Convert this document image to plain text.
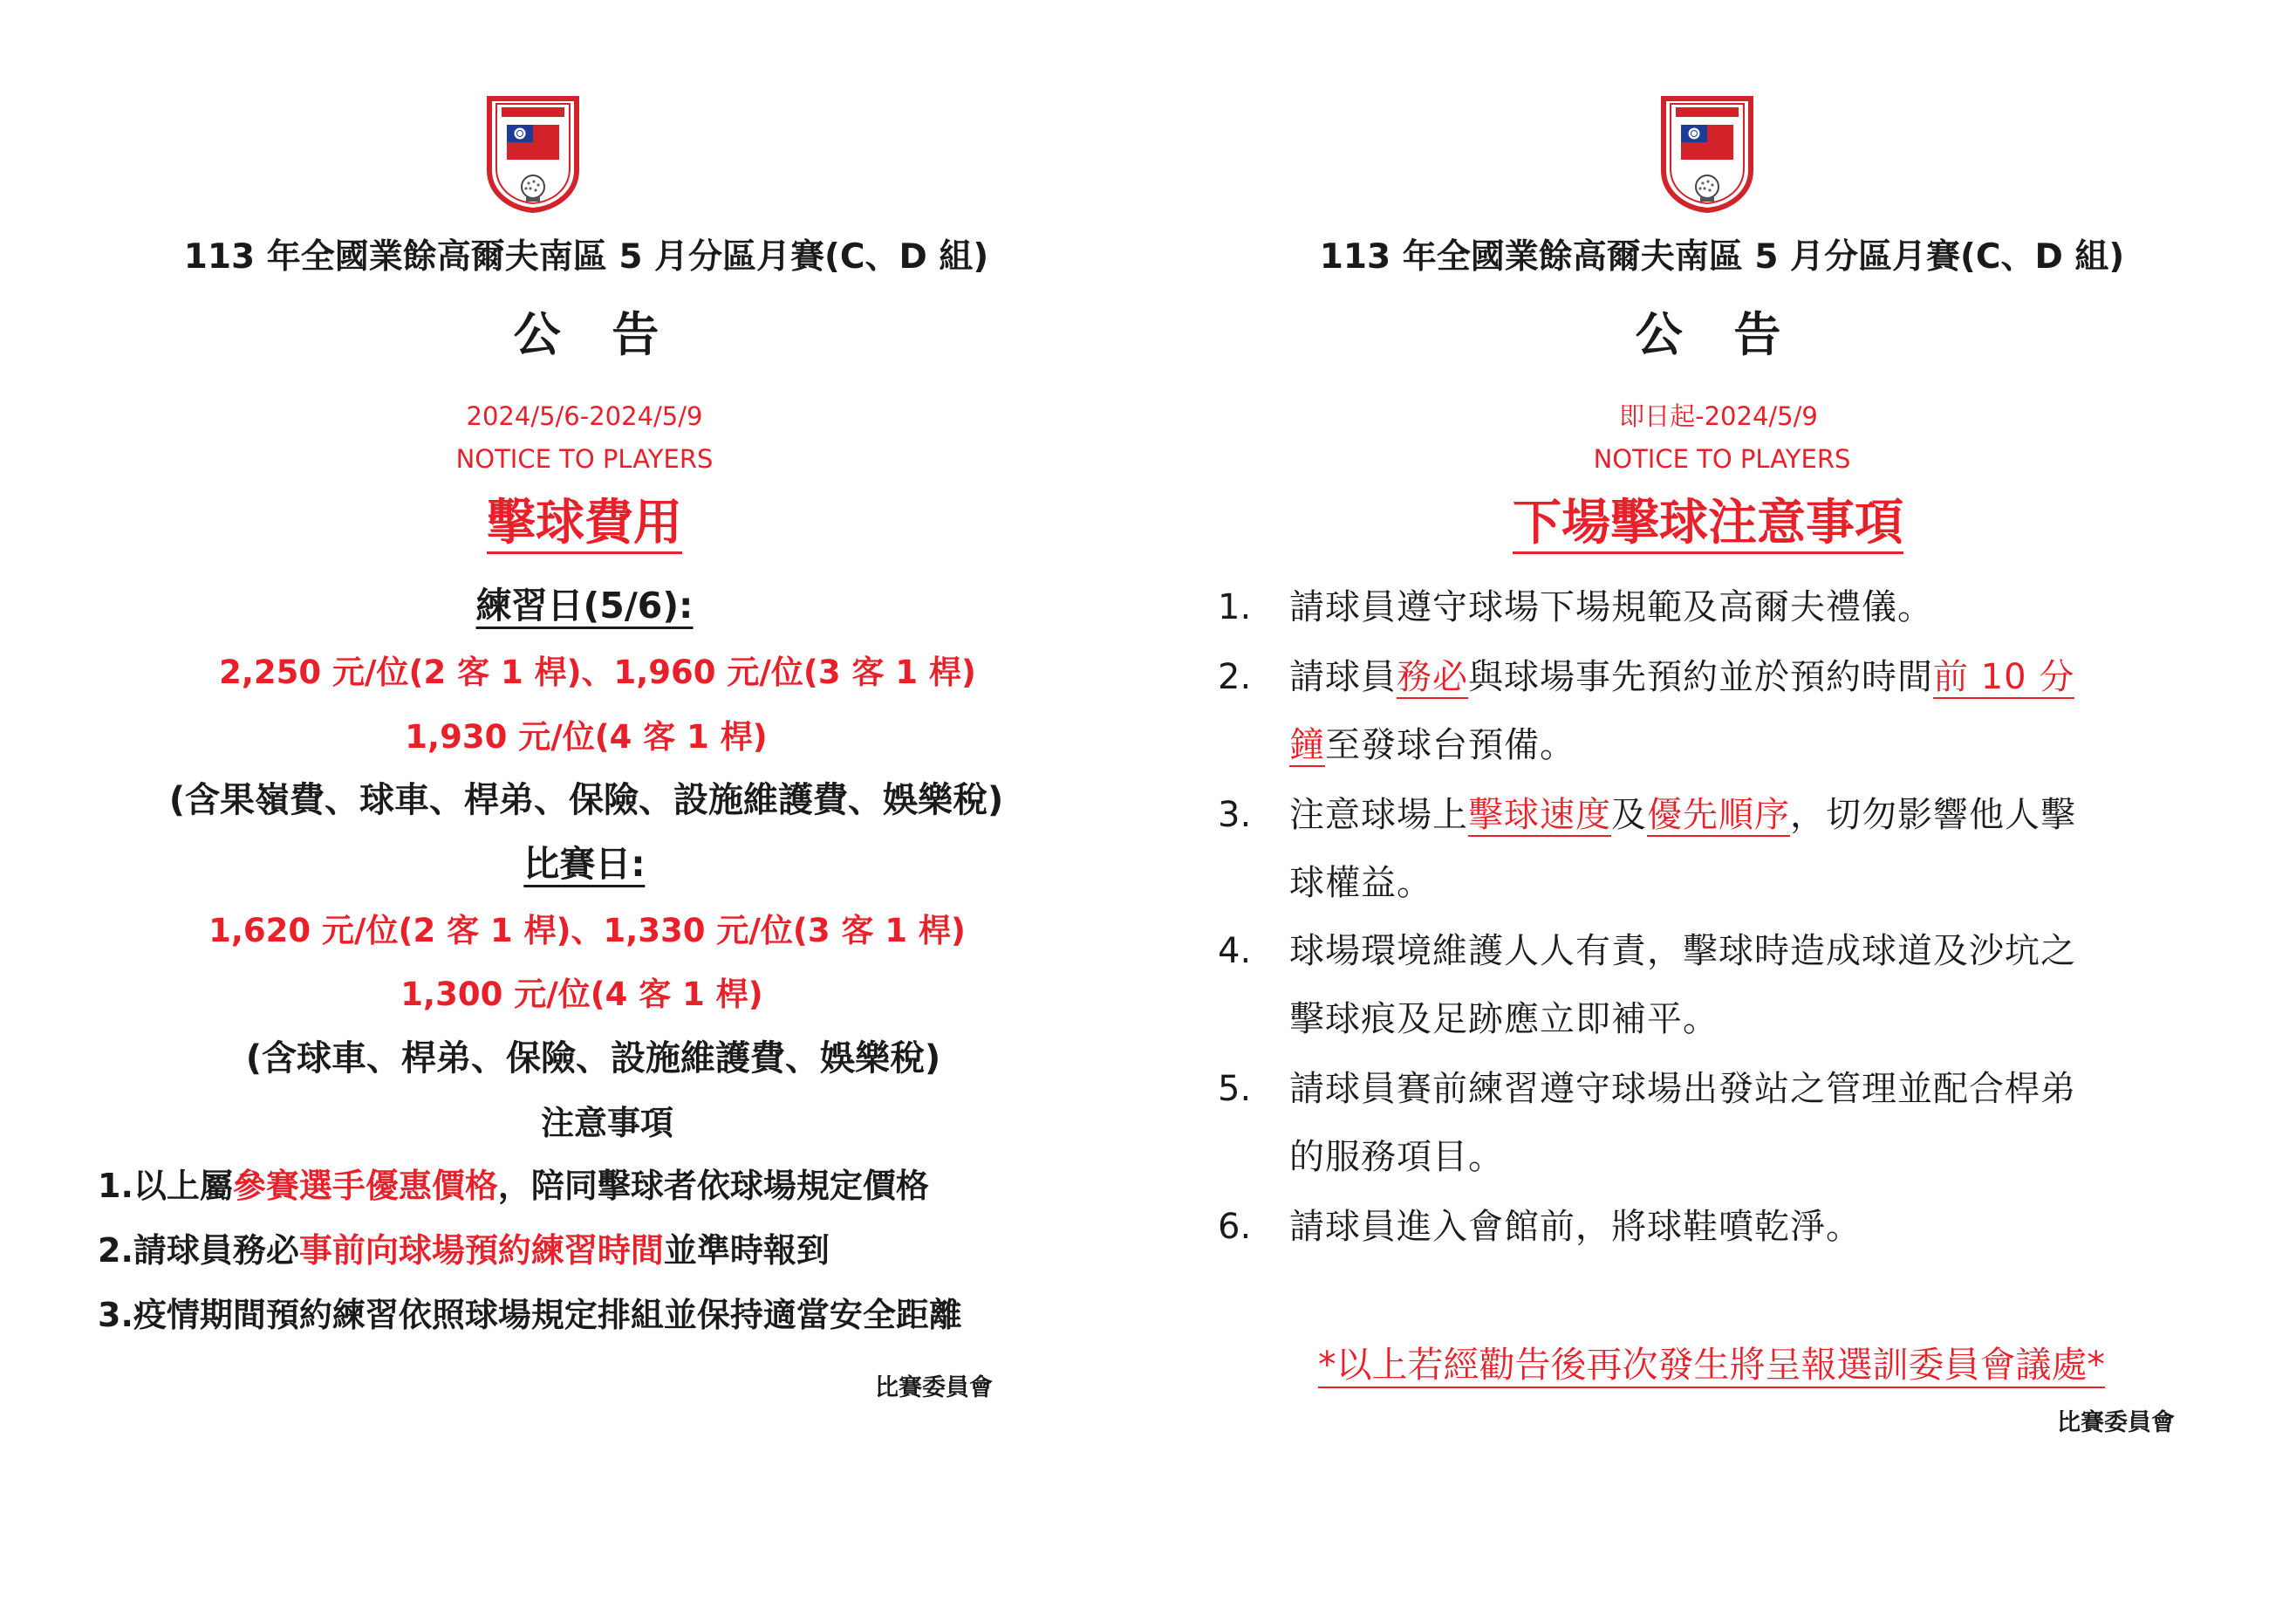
113 年全國業餘高爾夫南區 5 月分區月賽(C、D 組)
公 告
2024/5/6-2024/5/9
NOTICE TO PLAYERS
擊球費用
練習日(5/6):
2,250 元/位(2 客 1 桿)、1,960 元/位(3 客 1 桿)
1,930 元/位(4 客 1 桿)
(含果嶺費、球車、桿弟、保險、設施維護費、娛樂稅)
比賽日:
1,620 元/位(2 客 1 桿)、1,330 元/位(3 客 1 桿)
1,300 元/位(4 客 1 桿)
(含球車、桿弟、保險、設施維護費、娛樂稅)
注意事項
1.以上屬參賽選手優惠價格，陪同擊球者依球場規定價格
2.請球員務必事前向球場預約練習時間並準時報到
3.疫情期間預約練習依照球場規定排組並保持適當安全距離
比賽委員會
113 年全國業餘高爾夫南區 5 月分區月賽(C、D 組)
公 告
即日起-2024/5/9
NOTICE TO PLAYERS
下場擊球注意事項
1. 請球員遵守球場下場規範及高爾夫禮儀。
2. 請球員務必與球場事先預約並於預約時間前 10 分
鐘至發球台預備。
3. 注意球場上擊球速度及優先順序，切勿影響他人擊
球權益。
4. 球場環境維護人人有責，擊球時造成球道及沙坑之
擊球痕及足跡應立即補平。
5. 請球員賽前練習遵守球場出發站之管理並配合桿弟
的服務項目。
6. 請球員進入會館前，將球鞋噴乾淨。
*以上若經勸告後再次發生將呈報選訓委員會議處*
比賽委員會
